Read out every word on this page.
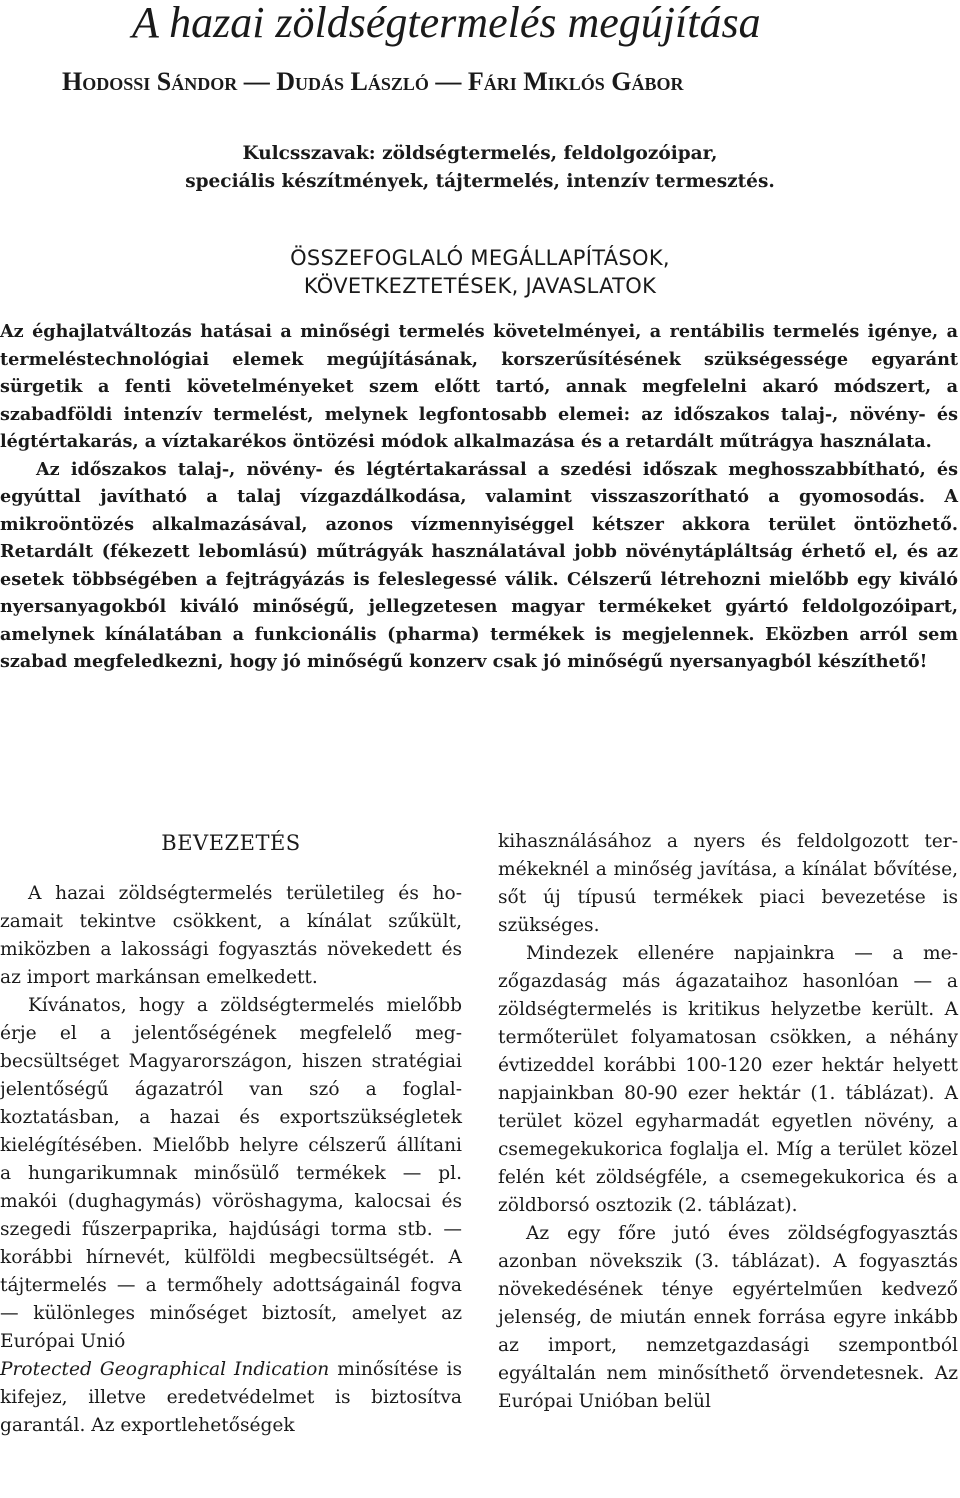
A hazai zöldségtermelés megújítása
Hodossi Sándor — Dudás László — Fári Miklós Gábor
Kulcsszavak: zöldségtermelés, feldolgozóipar,
speciális készítmények, tájtermelés, intenzív termesztés.
ÖSSZEFOGLALÓ MEGÁLLAPÍTÁSOK,
KÖVETKEZTETÉSEK, JAVASLATOK

Az éghajlatváltozás hatásai a minőségi termelés követelményei, a rentábilis termelés igénye, a termeléstechnológiai elemek megújításának, korszerűsítésének szükségessége egyaránt sürgetik a fenti követelményeket szem előtt tartó, annak megfelelni akaró módszert, a szabadföldi intenzív termelést, melynek legfontosabb elemei: az időszakos talaj-, növény- és légtértakarás, a víztakarékos öntözési módok alkalmazása és a retardált műtrágya használata.

Az időszakos talaj-, növény- és légtértakarással a szedési időszak meghosszabbítható, és egyúttal javítható a talaj vízgazdálkodása, valamint visszaszorítható a gyomosodás. A mikroöntözés alkalmazásával, azonos vízmennyiséggel kétszer akkora terület öntözhető. Retardált (fékezett lebomlású) műtrágyák használatával jobb növénytápláltság érhető el, és az esetek többségében a fejtrágyázás is feleslegessé válik. Célszerű létrehozni mielőbb egy kiváló nyersanyagokból kiváló minőségű, jellegzetesen magyar termékeket gyártó feldolgozóipart, amelynek kínálatában a funkcionális (pharma) termékek is megjelennek. Eközben arról sem szabad megfeledkezni, hogy jó minőségű konzerv csak jó minőségű nyersanyagból készíthető!

BEVEZETÉS

A hazai zöldségtermelés területileg és hozamait tekintve csökkent, a kínálat szűkült, miközben a lakossági fogyasztás növekedett és az import markánsan emelkedett.

Kívánatos, hogy a zöldségtermelés mielőbb érje el a jelentőségének megfelelő megbecsültséget Magyarországon, hiszen stratégiai jelentőségű ágazatról van szó a foglalkoztatásban, a hazai és exportszükségletek kielégítésében. Mielőbb helyre célszerű állítani a hungarikumnak minősülő termékek — pl. makói (dughagymás) vöröshagyma, kalocsai és szegedi fűszerpaprika, hajdúsági torma stb. — korábbi hírnevét, külföldi megbecsültségét. A tájtermelés — a termőhely adottságainál fogva — különleges minőséget biztosít, amelyet az Európai Unió
Protected Geographical Indication minősítése is kifejez, illetve eredetvédelmet is biztosítva garantál. Az exportlehetőségek

kihasználásához a nyers és feldolgozott termékeknél a minőség javítása, a kínálat bővítése, sőt új típusú termékek piaci bevezetése is szükséges.

Mindezek ellenére napjainkra — a mezőgazdaság más ágazataihoz hasonlóan — a zöldségtermelés is kritikus helyzetbe került. A termőterület folyamatosan csökken, a néhány évtizeddel korábbi 100-120 ezer hektár helyett napjainkban 80-90 ezer hektár (1. táblázat). A terület közel egyharmadát egyetlen növény, a csemegekukorica foglalja el. Míg a terület közel felén két zöldségféle, a csemegekukorica és a zöldborsó osztozik (2. táblázat).

Az egy főre jutó éves zöldségfogyasztás azonban növekszik (3. táblázat). A fogyasztás növekedésének ténye egyértelműen kedvező jelenség, de miután ennek forrása egyre inkább az import, nemzetgazdasági szempontból egyáltalán nem minősíthető örvendetesnek. Az Európai Unióban belül
